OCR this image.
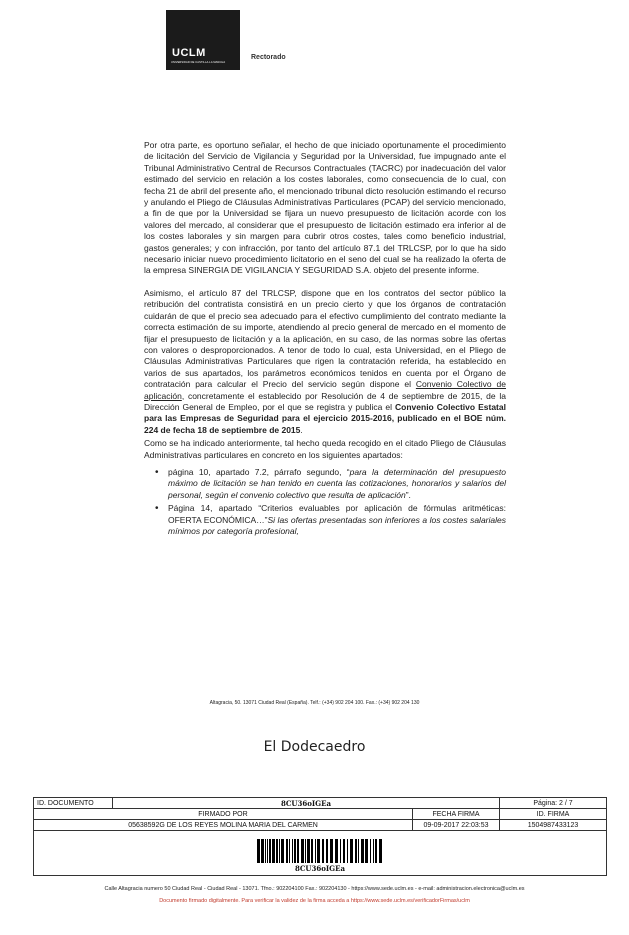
UCLM
UNIVERSIDAD DE CASTILLA-LA MANCHA
Rectorado

Por otra parte, es oportuno señalar, el hecho de que iniciado oportunamente el procedimiento de licitación del Servicio de Vigilancia y Seguridad por la Universidad, fue impugnado ante el Tribunal Administrativo Central de Recursos Contractuales (TACRC) por inadecuación del valor estimado del servicio en relación a los costes laborales, como consecuencia de lo cual, con fecha 21 de abril del presente año, el mencionado tribunal dicto resolución estimando el recurso y anulando el Pliego de Cláusulas Administrativas Particulares (PCAP) del servicio mencionado, a fin de que por la Universidad se fijara un nuevo presupuesto de licitación acorde con los valores del mercado, al considerar que el presupuesto de licitación estimado era inferior al de los costes laborales y sin margen para cubrir otros costes, tales como beneficio industrial, gastos generales; y con infracción, por tanto del artículo 87.1 del TRLCSP, por lo que ha sido necesario iniciar nuevo procedimiento licitatorio en el seno del cual se ha realizado la oferta de la empresa SINERGIA DE VIGILANCIA Y SEGURIDAD S.A. objeto del presente informe.

Asimismo, el artículo 87 del TRLCSP, dispone que en los contratos del sector público la retribución del contratista consistirá en un precio cierto y que los órganos de contratación cuidarán de que el precio sea adecuado para el efectivo cumplimiento del contrato mediante la correcta estimación de su importe, atendiendo al precio general de mercado en el momento de fijar el presupuesto de licitación y a la aplicación, en su caso, de las normas sobre las ofertas con valores o desproporcionados. A tenor de todo lo cual, esta Universidad, en el Pliego de Cláusulas Administrativas Particulares que rigen la contratación referida, ha establecido en varios de sus apartados, los parámetros económicos tenidos en cuenta por el Órgano de contratación para calcular el Precio del servicio según dispone el Convenio Colectivo de aplicación, concretamente el establecido por Resolución de 4 de septiembre de 2015, de la Dirección General de Empleo, por el que se registra y publica el Convenio Colectivo Estatal para las Empresas de Seguridad para el ejercicio 2015-2016, publicado en el BOE núm. 224 de fecha 18 de septiembre de 2015.

Como se ha indicado anteriormente, tal hecho queda recogido en el citado Pliego de Cláusulas Administrativas particulares en concreto en los siguientes apartados:

• página 10, apartado 7.2, párrafo segundo, “para la determinación del presupuesto máximo de licitación se han tenido en cuenta las cotizaciones, honorarios y salarios del personal, según el convenio colectivo que resulta de aplicación”.
• Página 14, apartado “Criterios evaluables por aplicación de fórmulas aritméticas: OFERTA ECONÓMICA…”Si las ofertas presentadas son inferiores a los costes salariales mínimos por categoría profesional,
Altagracia, 50. 13071 Ciudad Real (España). Telf.: (+34) 902 204 100. Fax.: (+34) 902 204 130
El Dodecaedro
ID. DOCUMENTO	8CU36oIGEa		Página: 2 / 7
FIRMADO POR		FECHA FIRMA	ID. FIRMA
05638592G DE LOS REYES MOLINA MARIA DEL CARMEN		09-09-2017 22:03:53	1504987433123

8CU36oIGEa			
Calle Altagracia numero 50 Ciudad Real - Ciudad Real - 13071. Tfno.: 902204100 Fax.: 902204130 - https://www.sede.uclm.es - e-mail: administracion.electronica@uclm.es
Documento firmado digitalmente. Para verificar la validez de la firma acceda a https://www.sede.uclm.es/verificadorFirmas/uclm
